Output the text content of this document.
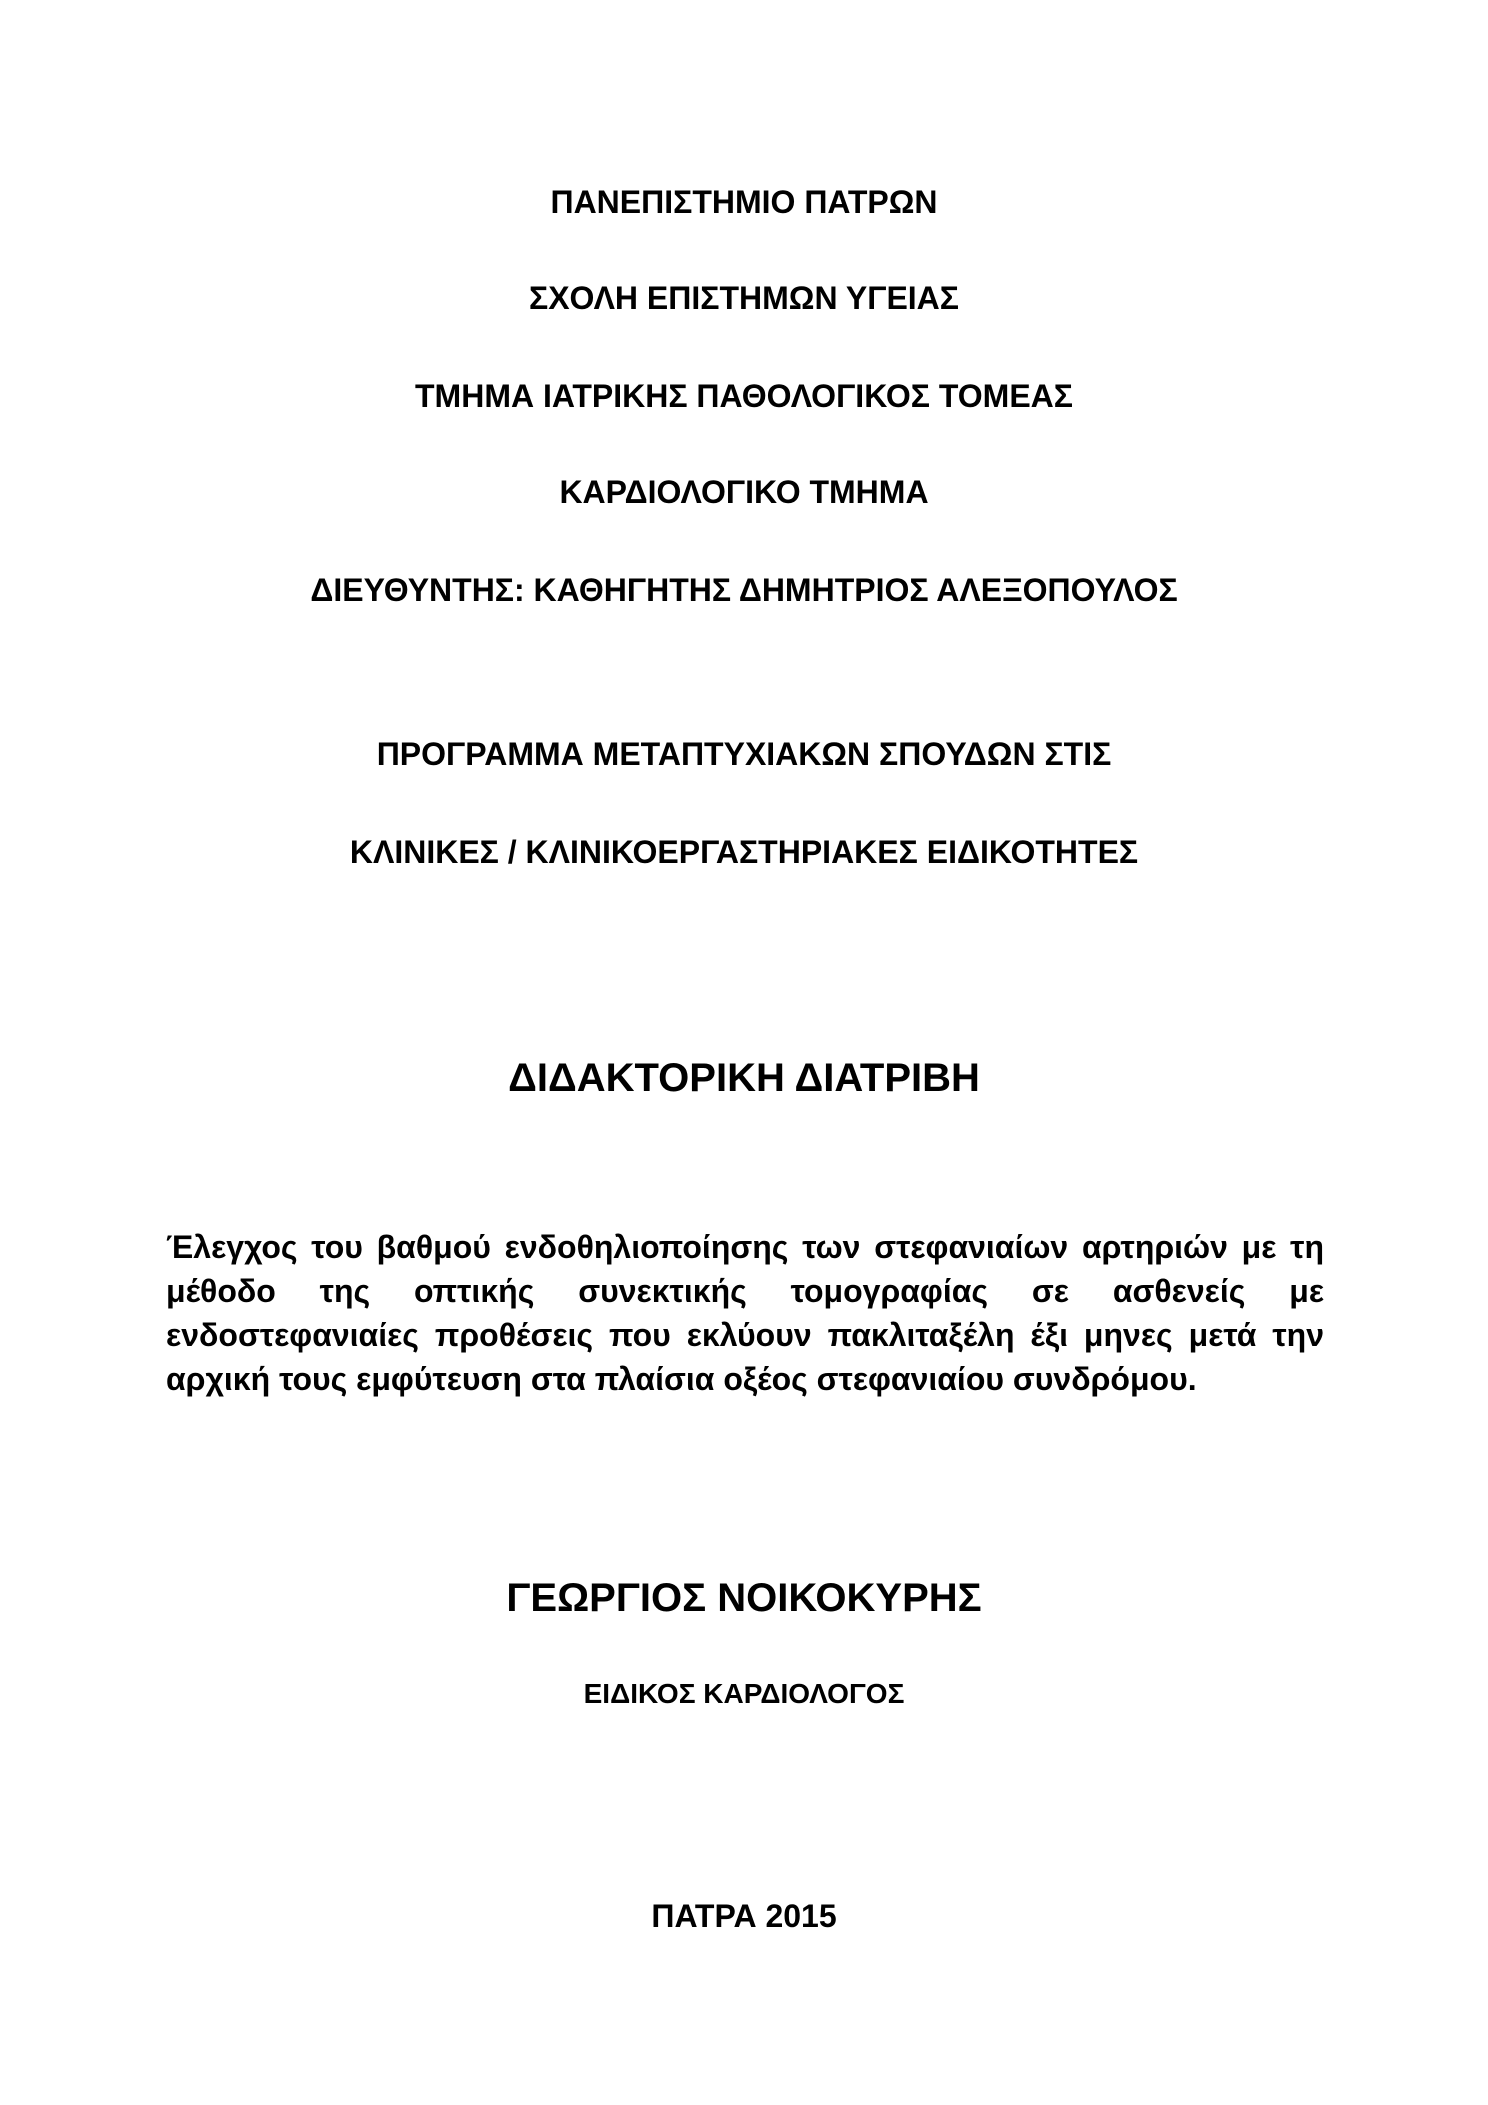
ΠΑΝΕΠΙΣΤΗΜΙΟ ΠΑΤΡΩΝ
ΣΧΟΛΗ ΕΠΙΣΤΗΜΩΝ ΥΓΕΙΑΣ
ΤΜΗΜΑ ΙΑΤΡΙΚΗΣ ΠΑΘΟΛΟΓΙΚΟΣ ΤΟΜΕΑΣ
ΚΑΡΔΙΟΛΟΓΙΚΟ ΤΜΗΜΑ
ΔΙΕΥΘΥΝΤΗΣ: ΚΑΘΗΓΗΤΗΣ ΔΗΜΗΤΡΙΟΣ ΑΛΕΞΟΠΟΥΛΟΣ
ΠΡΟΓΡΑΜΜΑ ΜΕΤΑΠΤΥΧΙΑΚΩΝ ΣΠΟΥΔΩΝ ΣΤΙΣ
ΚΛΙΝΙΚΕΣ / ΚΛΙΝΙΚΟΕΡΓΑΣΤΗΡΙΑΚΕΣ ΕΙΔΙΚΟΤΗΤΕΣ
ΔΙΔΑΚΤΟΡΙΚΗ ΔΙΑΤΡΙΒΗ
Έλεγχος του βαθμού ενδοθηλιοποίησης των στεφανιαίων αρτηριών με τη μέθοδο της οπτικής συνεκτικής τομογραφίας σε ασθενείς με ενδοστεφανιαίες προθέσεις που εκλύουν πακλιταξέλη έξι μηνες μετά την αρχική τους εμφύτευση στα πλαίσια οξέος στεφανιαίου συνδρόμου.
ΓΕΩΡΓΙΟΣ ΝΟΙΚΟΚΥΡΗΣ
ΕΙΔΙΚΟΣ ΚΑΡΔΙΟΛΟΓΟΣ
ΠΑΤΡΑ 2015
